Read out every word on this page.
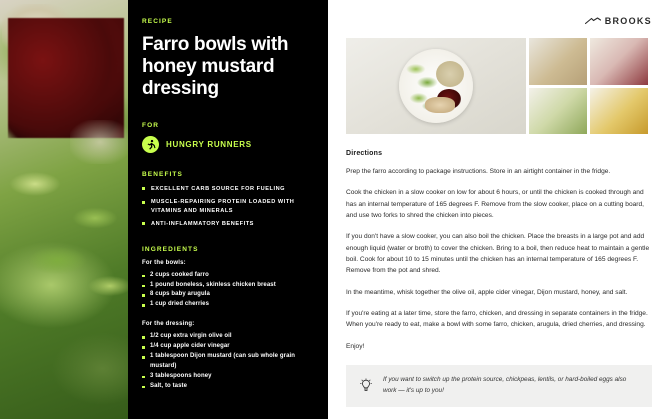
RECIPE
Farro bowls with honey mustard dressing
FOR
HUNGRY RUNNERS
BENEFITS
EXCELLENT CARB SOURCE FOR FUELING
MUSCLE-REPAIRING PROTEIN LOADED WITH VITAMINS AND MINERALS
ANTI-INFLAMMATORY BENEFITS
INGREDIENTS
For the bowls:
2 cups cooked farro
1 pound boneless, skinless chicken breast
8 cups baby arugula
1 cup dried cherries
For the dressing:
1/2 cup extra virgin olive oil
1/4 cup apple cider vinegar
1 tablespoon Dijon mustard (can sub whole grain mustard)
3 tablespoons honey
Salt, to taste
BROOKS
Directions

Prep the farro according to package instructions. Store in an airtight container in the fridge.

Cook the chicken in a slow cooker on low for about 6 hours, or until the chicken is cooked through and has an internal temperature of 165 degrees F. Remove from the slow cooker, place on a cutting board, and use two forks to shred the chicken into pieces.

If you don't have a slow cooker, you can also boil the chicken. Place the breasts in a large pot and add enough liquid (water or broth) to cover the chicken. Bring to a boil, then reduce heat to maintain a gentle boil. Cook for about 10 to 15 minutes until the chicken has an internal temperature of 165 degrees F. Remove from the pot and shred.

In the meantime, whisk together the olive oil, apple cider vinegar, Dijon mustard, honey, and salt.

If you're eating at a later time, store the farro, chicken, and dressing in separate containers in the fridge. When you're ready to eat, make a bowl with some farro, chicken, arugula, dried cherries, and dressing.

Enjoy!

If you want to switch up the protein source, chickpeas, lentils, or hard-boiled eggs also work — it's up to you!
